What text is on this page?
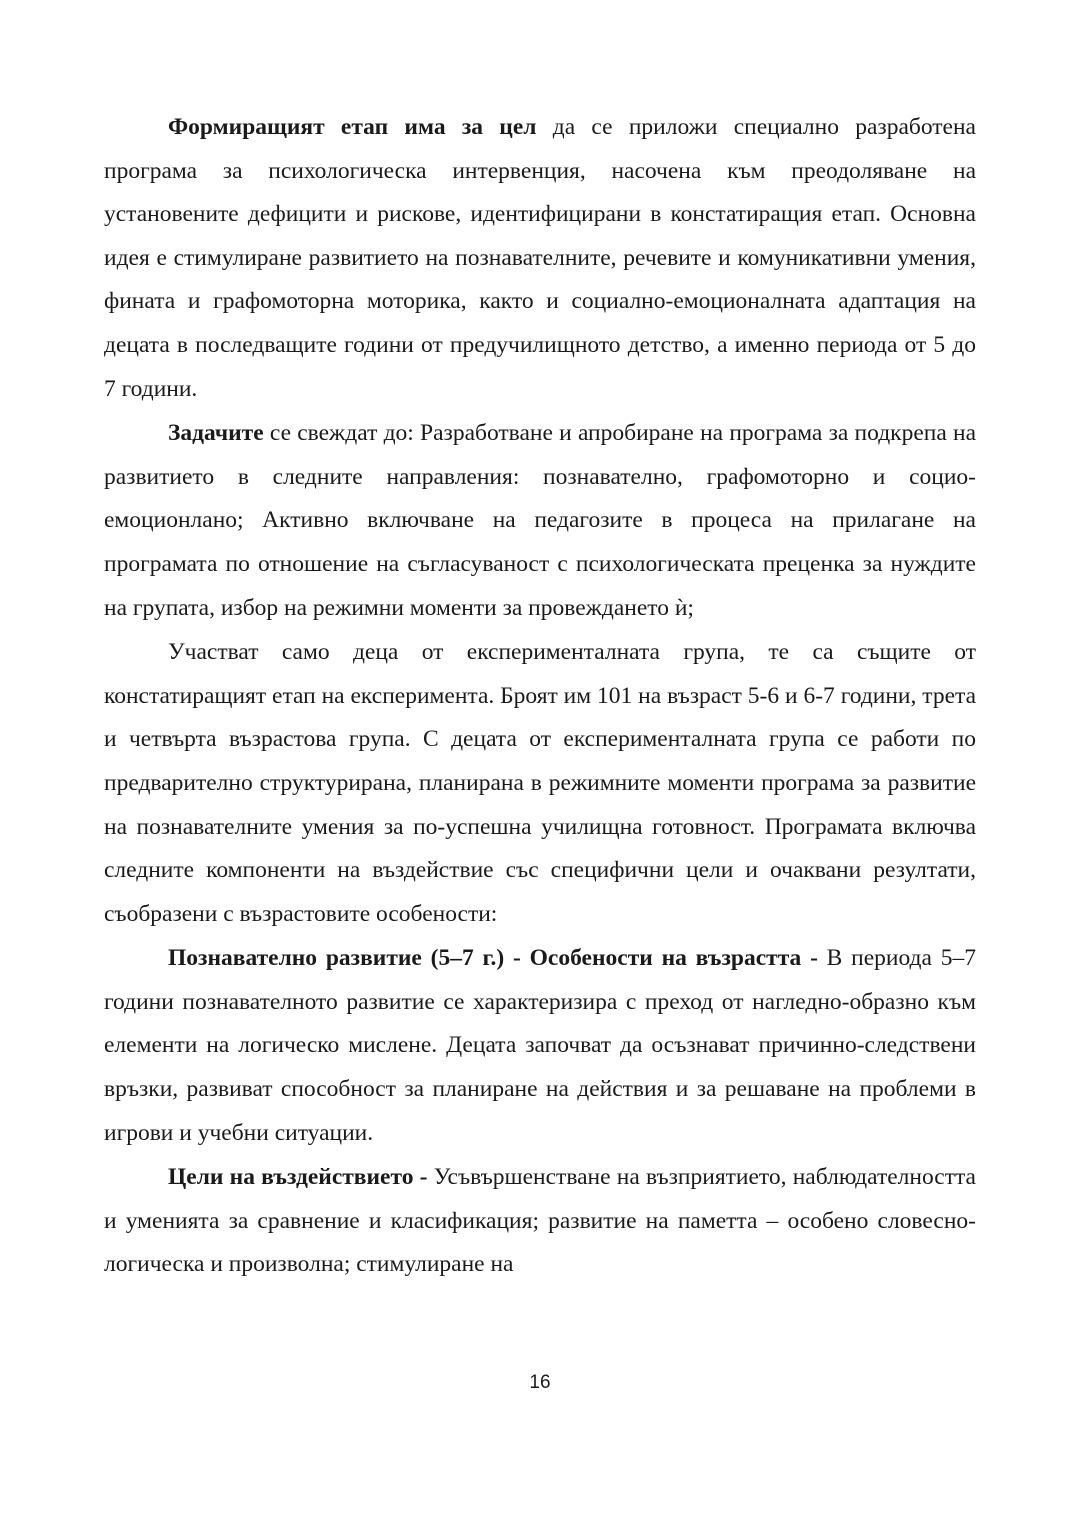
Формиращият етап има за цел да се приложи специално разработена програма за психологическа интервенция, насочена към преодоляване на установените дефицити и рискове, идентифицирани в констатиращия етап. Основна идея е стимулиране развитието на познавателните, речевите и комуникативни умения, фината и графомоторна моторика, както и социално-емоционалната адаптация на децата в последващите години от предучилищното детство, а именно периода от 5 до 7 години.

Задачите се свеждат до: Разработване и апробиране на програма за подкрепа на развитието в следните направления: познавателно, графомоторно и социо-емоционлано; Активно включване на педагозите в процеса на прилагане на програмата по отношение на съгласуваност с психологическата преценка за нуждите на групата, избор на режимни моменти за провеждането ѝ;

Участват само деца от експерименталната група, те са същите от констатиращият етап на експеримента. Броят им 101 на възраст 5-6 и 6-7 години, трета и четвърта възрастова група. С децата от експерименталната група се работи по предварително структурирана, планирана в режимните моменти програма за развитие на познавателните умения за по-успешна училищна готовност. Програмата включва следните компоненти на въздействие със специфични цели и очаквани резултати, съобразени с възрастовите особености:

Познавателно развитие (5–7 г.) - Особености на възрастта - В периода 5–7 години познавателното развитие се характеризира с преход от нагледно-образно към елементи на логическо мислене. Децата започват да осъзнават причинно-следствени връзки, развиват способност за планиране на действия и за решаване на проблеми в игрови и учебни ситуации.

Цели на въздействието - Усъвършенстване на възприятието, наблюдателността и уменията за сравнение и класификация; развитие на паметта – особено словесно-логическа и произволна; стимулиране на

16
